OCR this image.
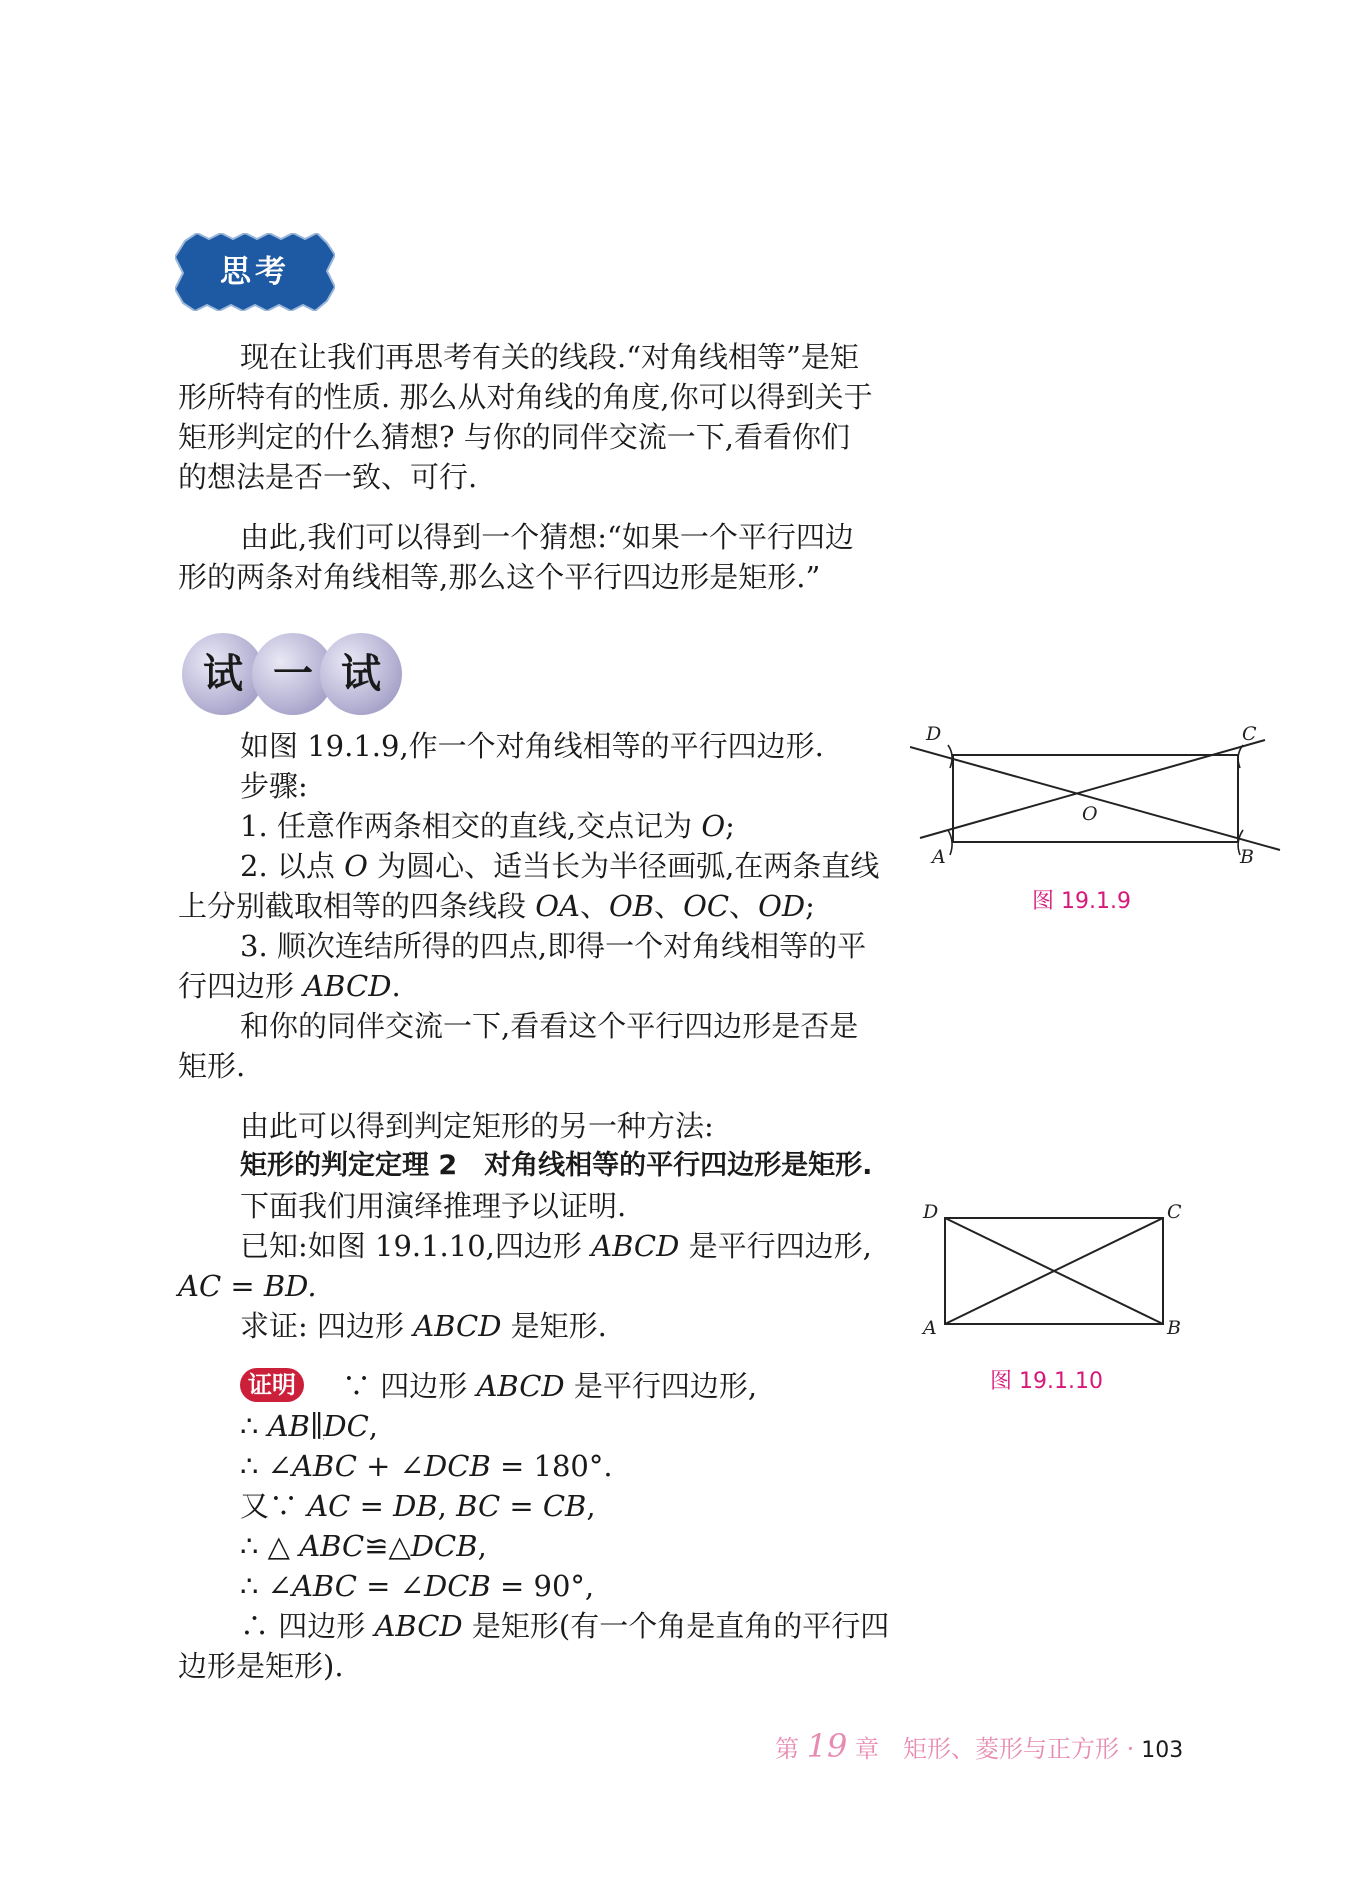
思考
现在让我们再思考有关的线段.“对角线相等”是矩
形所特有的性质. 那么从对角线的角度,你可以得到关于
矩形判定的什么猜想? 与你的同伴交流一下,看看你们
的想法是否一致、可行.
由此,我们可以得到一个猜想:“如果一个平行四边
形的两条对角线相等,那么这个平行四边形是矩形.”
试 一 试
如图 19.1.9,作一个对角线相等的平行四边形.
步骤:
1. 任意作两条相交的直线,交点记为 O;
2. 以点 O 为圆心、适当长为半径画弧,在两条直线
上分别截取相等的四条线段 OA、OB、OC、OD;
3. 顺次连结所得的四点,即得一个对角线相等的平
行四边形 ABCD.
和你的同伴交流一下,看看这个平行四边形是否是
矩形.
由此可以得到判定矩形的另一种方法:
矩形的判定定理 2　对角线相等的平行四边形是矩形.
下面我们用演绎推理予以证明.
已知:如图 19.1.10,四边形 ABCD 是平行四边形,
AC = BD.
求证: 四边形 ABCD 是矩形.
证明 ∵ 四边形 ABCD 是平行四边形,
∴ AB∥DC,
∴ ∠ABC + ∠DCB = 180°.
又∵ AC = DB, BC = CB,
∴ △ ABC≌△DCB,
∴ ∠ABC = ∠DCB = 90°,
∴ 四边形 ABCD 是矩形(有一个角是直角的平行四
边形是矩形).
D	C
O
A	B
图 19.1.9
D	C
A	B
图 19.1.10
第 19 章　矩形、菱形与正方形 · 103
